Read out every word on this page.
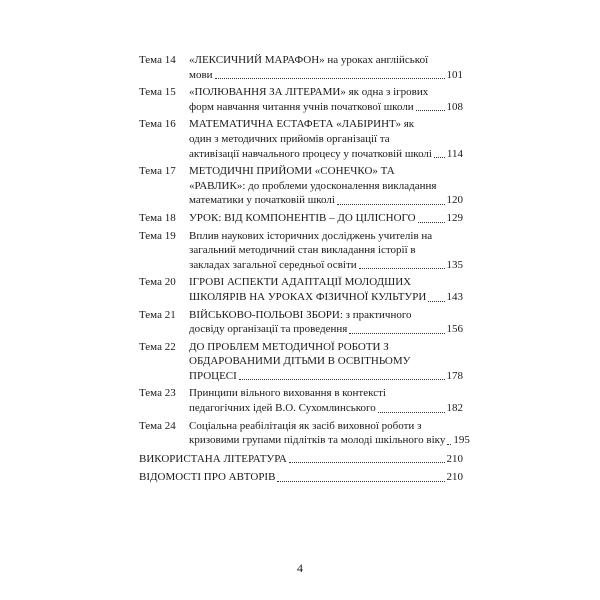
Тема 14	«ЛЕКСИЧНИЙ МАРАФОН» на уроках англійської
мови	101
Тема 15	«ПОЛЮВАННЯ ЗА ЛІТЕРАМИ» як одна з ігрових
форм навчання читання учнів початкової школи	108
Тема 16	МАТЕМАТИЧНА ЕСТАФЕТА «ЛАБІРИНТ» як
один з методичних прийомів організації та
активізації навчального процесу у початковій школі 114
Тема 17	МЕТОДИЧНІ ПРИЙОМИ «СОНЕЧКО» ТА
«РАВЛИК»: до проблеми удосконалення викладання
математики у початковій школі	120
Тема 18	УРОК: ВІД КОМПОНЕНТІВ – ДО ЦІЛІСНОГО	129
Тема 19	Вплив наукових історичних досліджень учителів на
загальний методичний стан викладання історії в
закладах загальної середньої освіти	135
Тема 20	ІГРОВІ АСПЕКТИ АДАПТАЦІЇ МОЛОДШИХ
ШКОЛЯРІВ НА УРОКАХ ФІЗИЧНОЇ КУЛЬТУРИ 143
Тема 21	ВІЙСЬКОВО-ПОЛЬОВІ ЗБОРИ: з практичного
досвіду організації та проведення	156
Тема 22	ДО ПРОБЛЕМ МЕТОДИЧНОЇ РОБОТИ З
ОБДАРОВАНИМИ ДІТЬМИ В ОСВІТНЬОМУ
ПРОЦЕСІ	178
Тема 23	Принципи вільного виховання в контексті
педагогічних ідей В.О. Сухомлинського	182
Тема 24	Соціальна реабілітація як засіб виховної роботи з
кризовими групами підлітків та молоді шкільного віку 195
ВИКОРИСТАНА ЛІТЕРАТУРА	210
ВІДОМОСТІ ПРО АВТОРІВ	210
4
